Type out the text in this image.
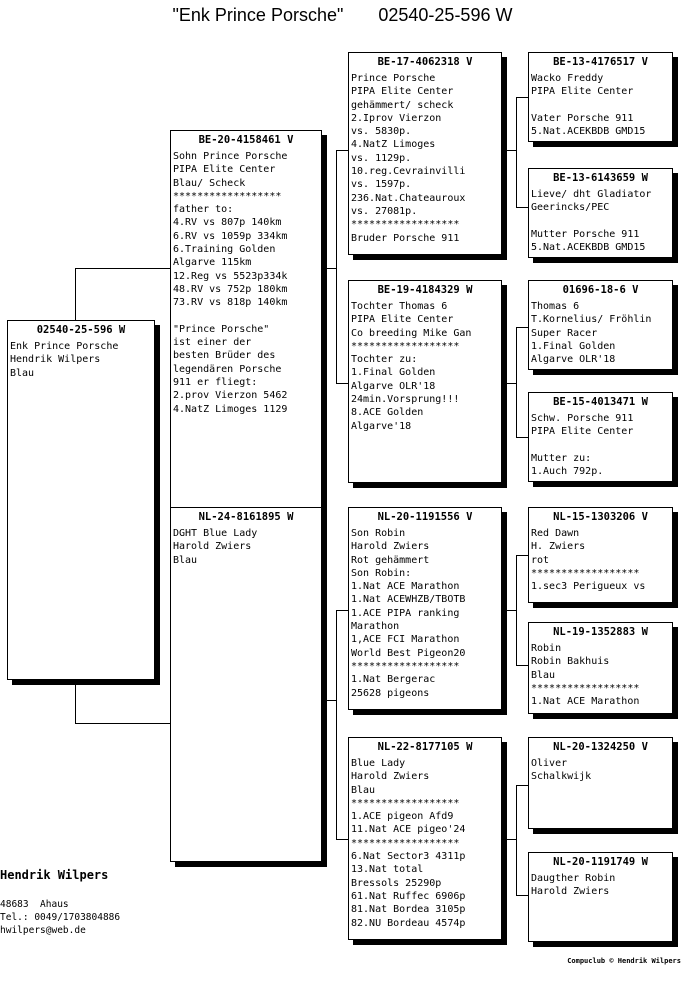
"Enk Prince Porsche"       02540-25-596 W
02540-25-596 W
Enk Prince Porsche
Hendrik Wilpers
Blau
BE-20-4158461 V
Sohn Prince Porsche
PIPA Elite Center
Blau/ Scheck
******************
father to:
4.RV vs 807p 140km
6.RV vs 1059p 334km
6.Training Golden
Algarve 115km
12.Reg vs 5523p334k
48.RV vs 752p 180km
73.RV vs 818p 140km

"Prince Porsche"
ist einer der
besten Brüder des
legendären Porsche
911 er fliegt:
2.prov Vierzon 5462
4.NatZ Limoges 1129
NL-24-8161895 W
DGHT Blue Lady
Harold Zwiers
Blau
BE-17-4062318 V
Prince Porsche
PIPA Elite Center
gehämmert/ scheck
2.Iprov Vierzon
vs. 5830p.
4.NatZ Limoges
vs. 1129p.
10.reg.Cevrainvilli
vs. 1597p.
236.Nat.Chateauroux
vs. 27081p.
******************
Bruder Porsche 911
BE-19-4184329 W
Tochter Thomas 6
PIPA Elite Center
Co breeding Mike Gan
******************
Tochter zu:
1.Final Golden
Algarve OLR'18
24min.Vorsprung!!!
8.ACE Golden
Algarve'18
NL-20-1191556 V
Son Robin
Harold Zwiers
Rot gehämmert
Son Robin:
1.Nat ACE Marathon
1.Nat ACEWHZB/TBOTB
1.ACE PIPA ranking
Marathon
1,ACE FCI Marathon
World Best Pigeon20
******************
1.Nat Bergerac
25628 pigeons
NL-22-8177105 W
Blue Lady
Harold Zwiers
Blau
******************
1.ACE pigeon Afd9
11.Nat ACE pigeo'24
******************
6.Nat Sector3 4311p
13.Nat total
Bressols 25290p
61.Nat Ruffec 6906p
81.Nat Bordea 3105p
82.NU Bordeau 4574p
BE-13-4176517 V
Wacko Freddy
PIPA Elite Center

Vater Porsche 911
5.Nat.ACEKBDB GMD15
BE-13-6143659 W
Lieve/ dht Gladiator
Geerincks/PEC

Mutter Porsche 911
5.Nat.ACEKBDB GMD15
01696-18-6 V
Thomas 6
T.Kornelius/ Fröhlin
Super Racer
1.Final Golden
Algarve OLR'18
BE-15-4013471 W
Schw. Porsche 911
PIPA Elite Center

Mutter zu:
1.Auch 792p.
NL-15-1303206 V
Red Dawn
H. Zwiers
rot
******************
1.sec3 Perigueux vs
NL-19-1352883 W
Robin
Robin Bakhuis
Blau
******************
1.Nat ACE Marathon
NL-20-1324250 V
Oliver
Schalkwijk
NL-20-1191749 W
Daugther Robin
Harold Zwiers
Hendrik Wilpers
48683  Ahaus
Tel.: 0049/1703804886
hwilpers@web.de
Compuclub © Hendrik Wilpers
